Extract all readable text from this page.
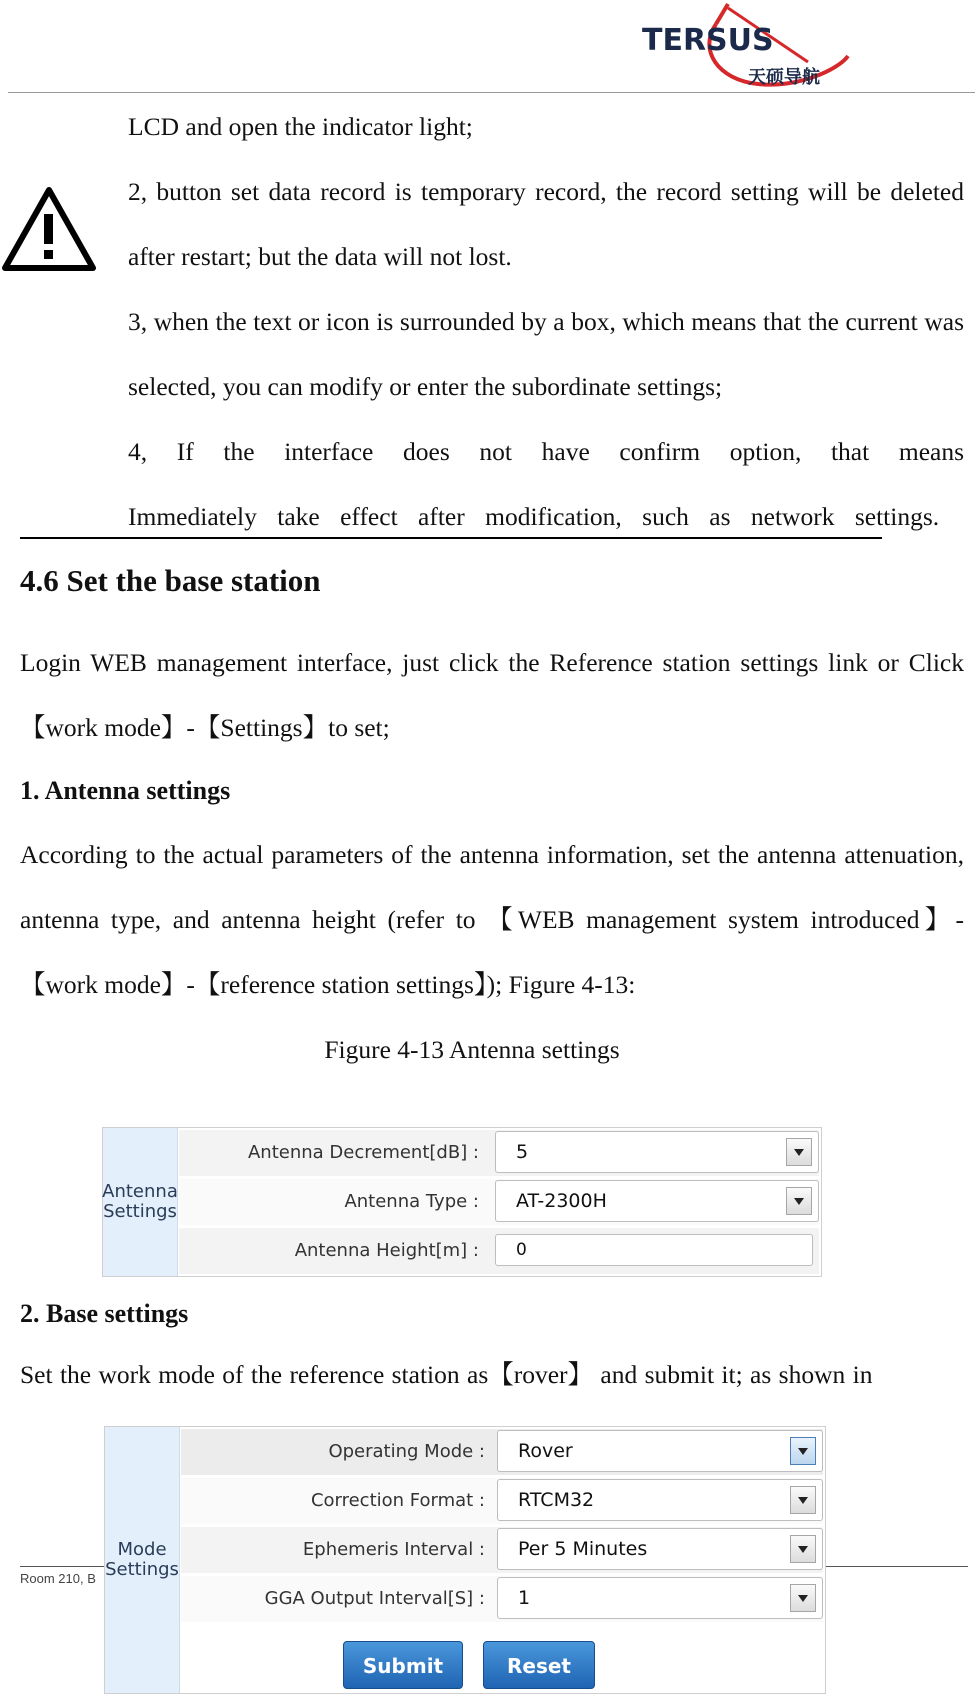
TERSUS
天硕导航

LCD and open the indicator light;

2, button set data record is temporary record, the record setting will be deleted after restart; but the data will not lost.

3, when the text or icon is surrounded by a box, which means that the current was selected, you can modify or enter the subordinate settings;

4, If the interface does not have confirm option, that means Immediately take effect after modification, such as network settings.

4.6 Set the base station

Login WEB management interface, just click the Reference station settings link or Click 【work mode】-【Settings】to set;

1. Antenna settings

According to the actual parameters of the antenna information, set the antenna attenuation, antenna type, and antenna height (refer to 【WEB management system introduced】-【work mode】-【reference station settings】); Figure 4-13:

Figure 4-13 Antenna settings

Antenna
Settings
Antenna Decrement[dB] :	5
Antenna Type :	AT-2300H
Antenna Height[m] :	0

2. Base settings

Set the work mode of the reference station as【rover】 and submit it; as shown in

Room 210, B
Mode
Settings
Operating Mode :	Rover
Correction Format :	RTCM32
Ephemeris Interval :	Per 5 Minutes
GGA Output Interval[S] :	1
Submit	Reset
